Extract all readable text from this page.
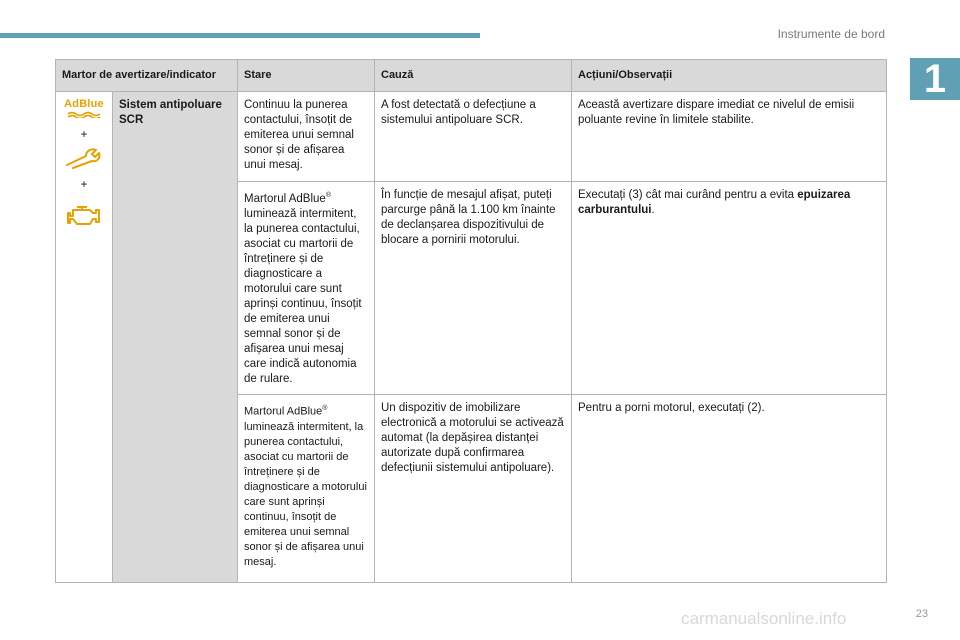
Instrumente de bord
1
Martor de avertizare/indicator		Stare	Cauză	Acțiuni/Observații

AdBlue
+
+	Sistem antipoluare SCR	Continuu la punerea contactului, însoțit de emiterea unui semnal sonor și de afișarea unui mesaj.	A fost detectată o defecțiune a sistemului antipoluare SCR.	Această avertizare dispare imediat ce nivelul de emisii poluante revine în limitele stabilite.
		Martorul AdBlue® luminează intermitent, la punerea contactului, asociat cu martorii de întreținere și de diagnosticare a motorului care sunt aprinși continuu, însoțit de emiterea unui semnal sonor și de afișarea unui mesaj care indică autonomia de rulare.	În funcție de mesajul afișat, puteți parcurge până la 1.100 km înainte de declanșarea dispozitivului de blocare a pornirii motorului.	Executați (3) cât mai curând pentru a evita epuizarea carburantului.
		Martorul AdBlue® luminează intermitent, la punerea contactului, asociat cu martorii de întreținere și de diagnosticare a motorului care sunt aprinși continuu, însoțit de emiterea unui semnal sonor și de afișarea unui mesaj.	Un dispozitiv de imobilizare electronică a motorului se activează automat (la depășirea distanței autorizate după confirmarea defecțiunii sistemului antipoluare).	Pentru a porni motorul, executați (2).
carmanualsonline.info	23
